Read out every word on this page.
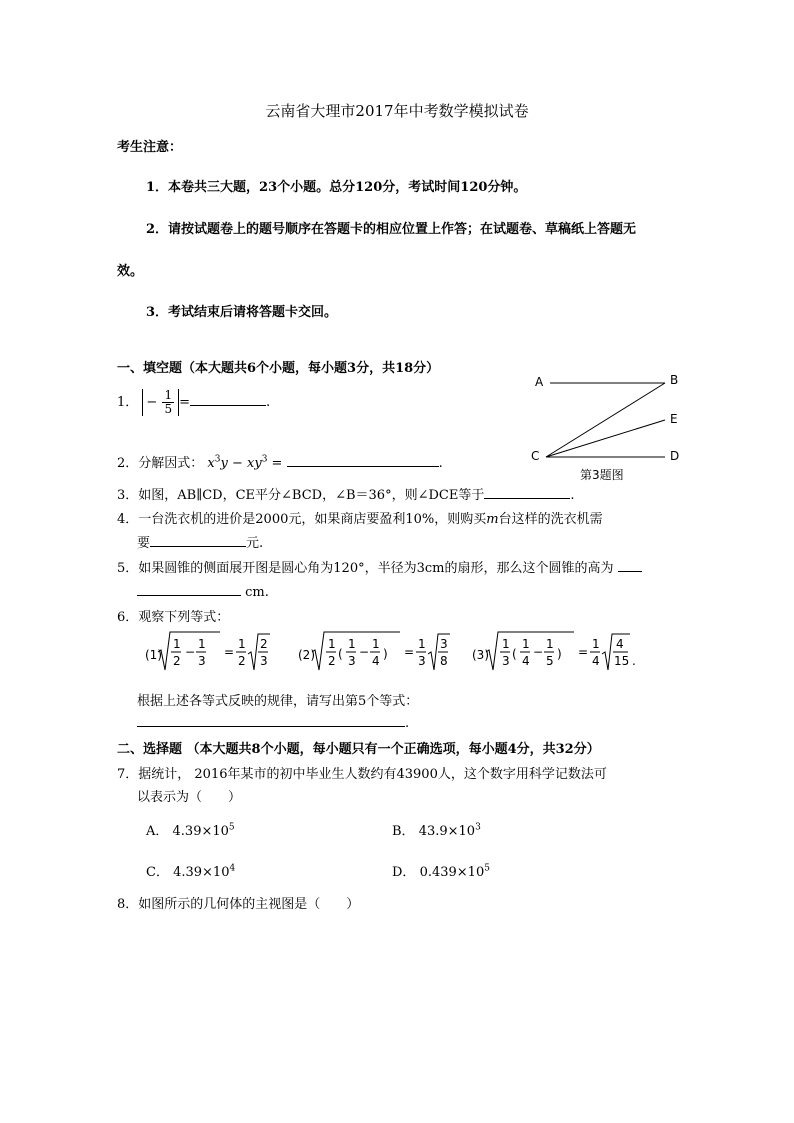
云南省大理市2017年中考数学模拟试卷
考生注意：
1．本卷共三大题，23个小题。总分120分，考试时间120分钟。
2．请按试题卷上的题号顺序在答题卡的相应位置上作答；在试题卷、草稿纸上答题无
效。
3．考试结束后请将答题卡交回。
一、填空题（本大题共6个小题，每小题3分，共18分）
1． − $\frac{1}{5}$ =	.
2．分解因式： $x^3y - xy^3$ =	.
A	B
E
C	D
第3题图
3．如图，AB∥CD，CE平分∠BCD，∠B＝36°，则∠DCE等于	.
4．一台洗衣机的进价是2000元，如果商店要盈利10%，则购买m台这样的洗衣机需
要	元.
5．如果圆锥的侧面展开图是圆心角为120°，半径为3cm的扇形，那么这个圆锥的高为
cm.
6．观察下列等式：
(1)
1
2
−
1
3
=
1
2
2
3	(2)
1
2 (
1
3
−
1
4 ) =
1
3
3
8 (3)
1
3 (
1
4
−
1
5 ) =
1
4
4
15 .
根据上述各等式反映的规律，请写出第5个等式：
.
二、选择题 （本大题共8个小题，每小题只有一个正确选项，每小题4分，共32分）
7．据统计， 2016年某市的初中毕业生人数约有43900人，这个数字用科学记数法可
以表示为（　　）
A． $4.39\times 10^5$	B． $43.9\times 10^3$
C． $4.39\times 10^4$	D． $0.439\times 10^5$
8．如图所示的几何体的主视图是（　　）
